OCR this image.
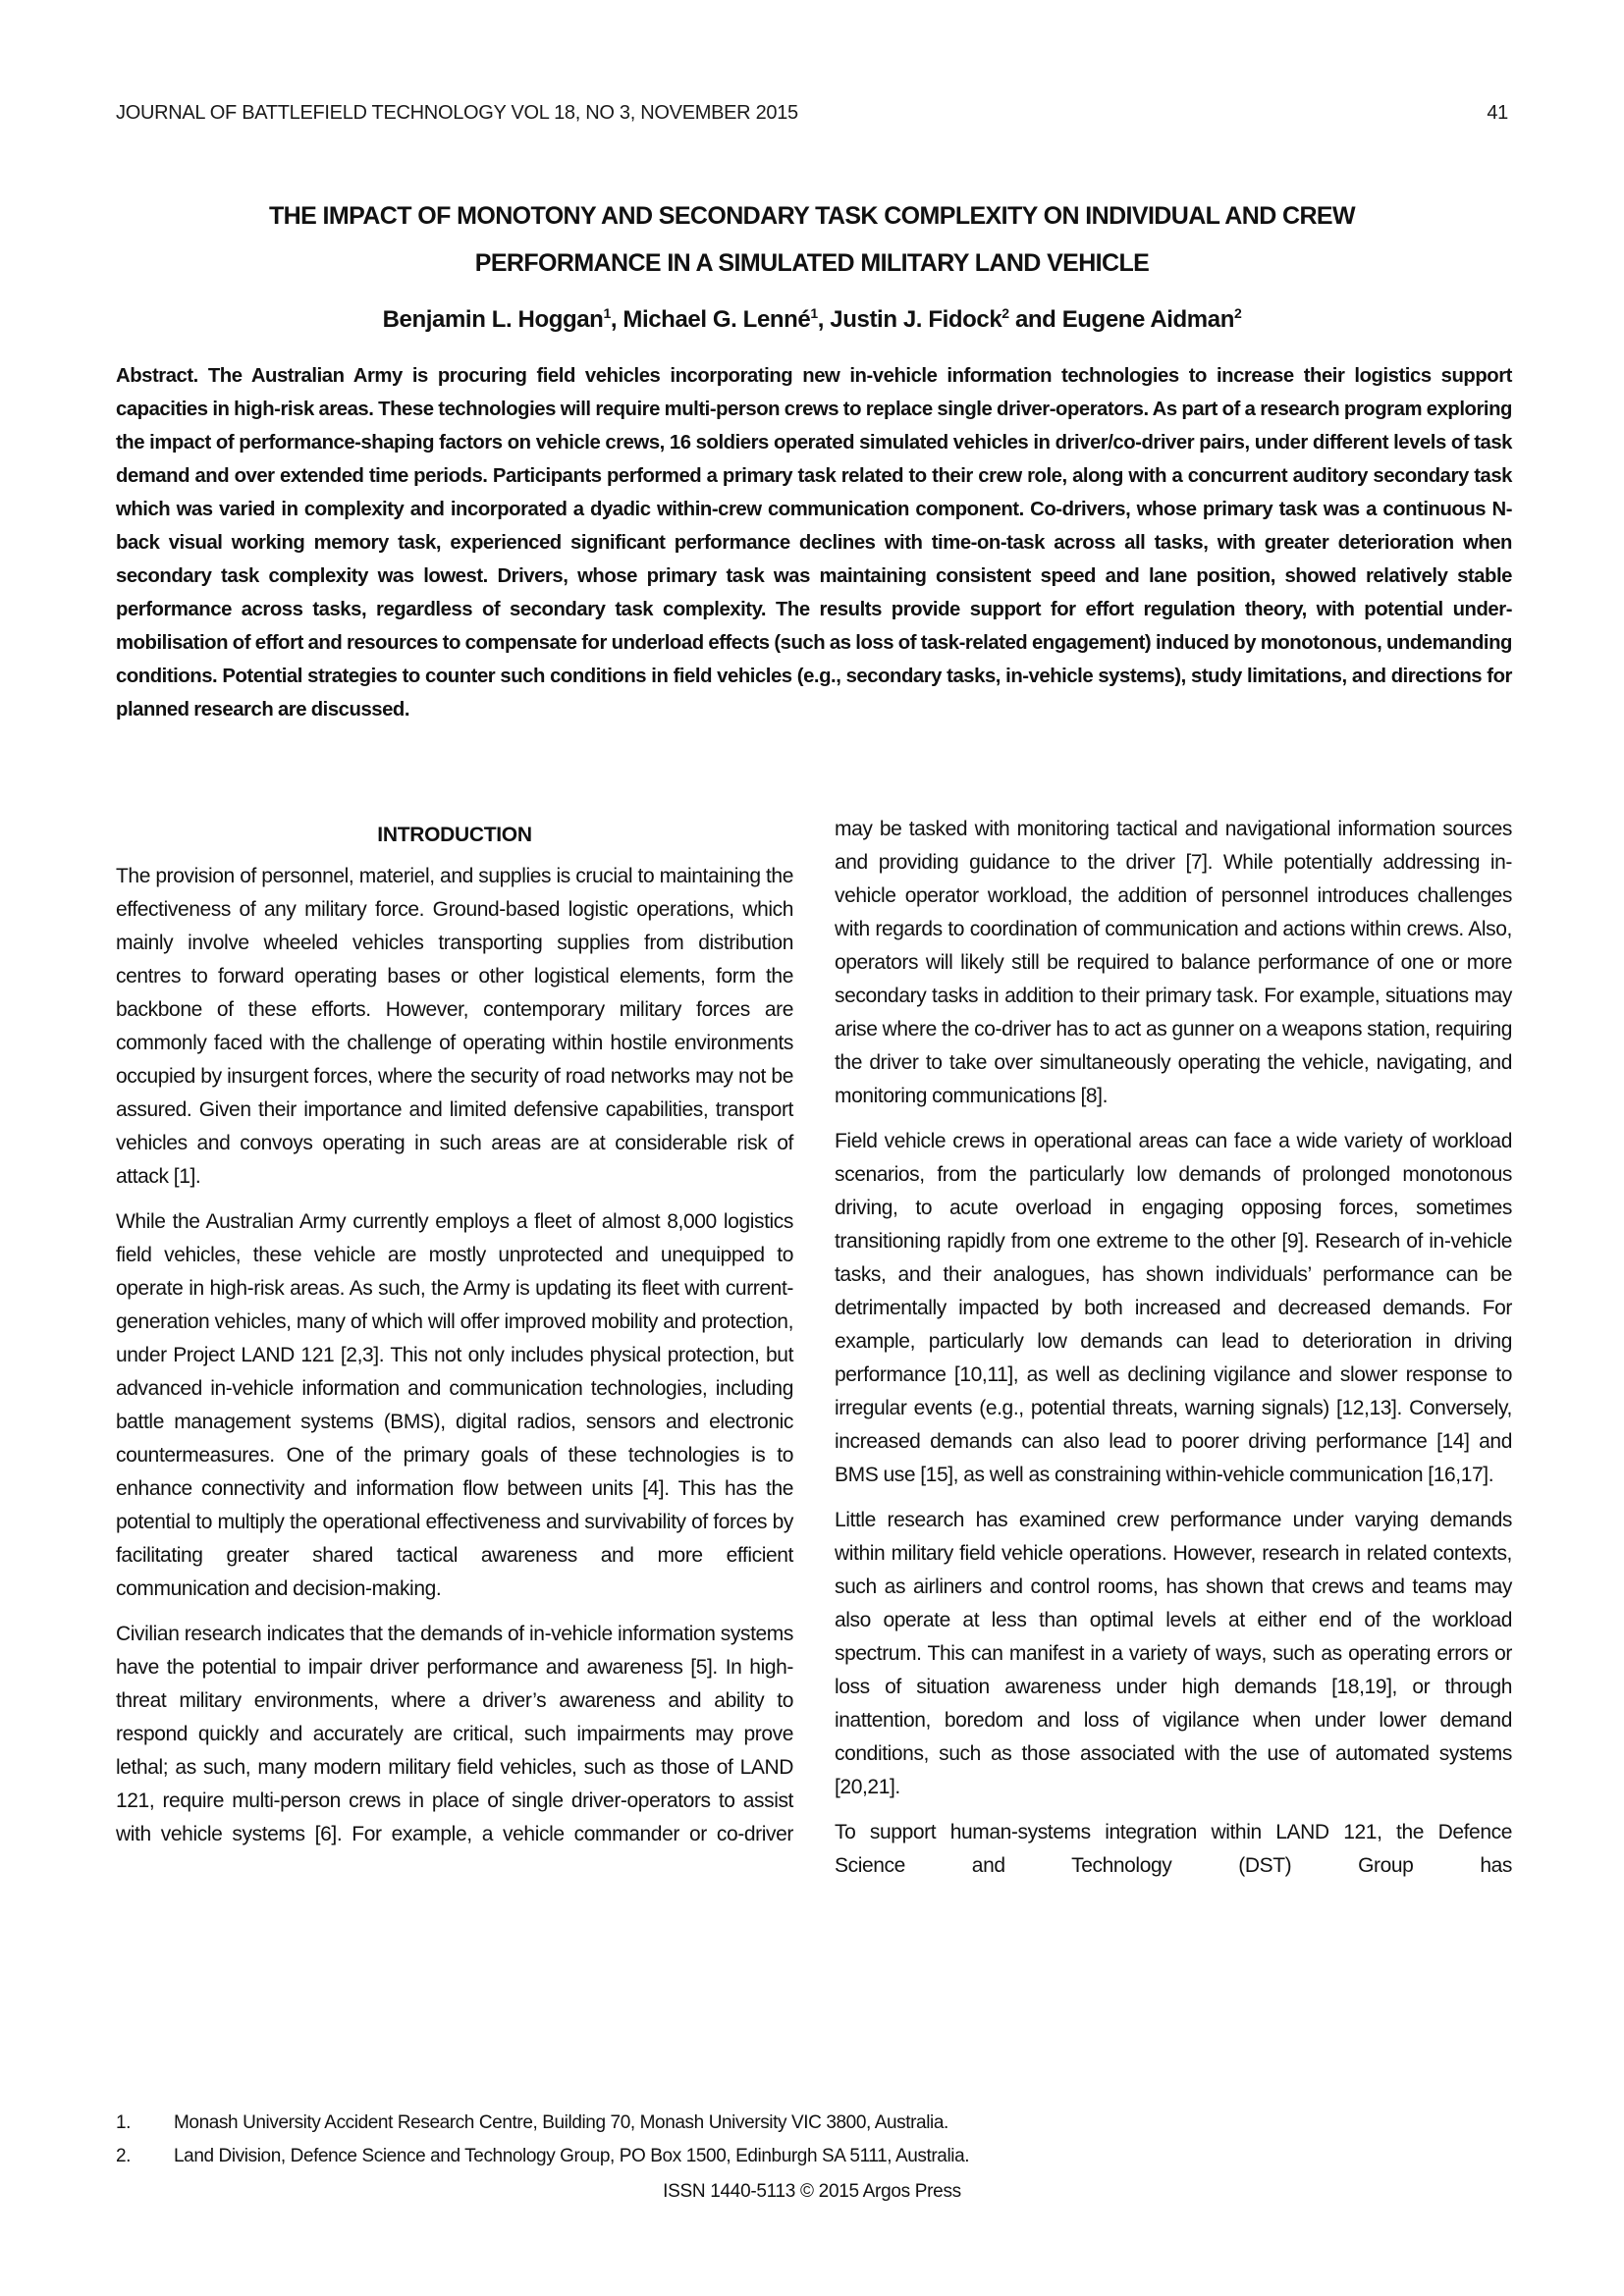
JOURNAL OF BATTLEFIELD TECHNOLOGY VOL 18, NO 3, NOVEMBER 2015	41
THE IMPACT OF MONOTONY AND SECONDARY TASK COMPLEXITY ON INDIVIDUAL AND CREW
PERFORMANCE IN A SIMULATED MILITARY LAND VEHICLE
Benjamin L. Hoggan$^1$, Michael G. Lenné$^1$, Justin J. Fidock$^2$ and Eugene Aidman$^2$

Abstract. The Australian Army is procuring field vehicles incorporating new in-vehicle information technologies to increase their logistics support capacities in high-risk areas. These technologies will require multi-person crews to replace single driver-operators. As part of a research program exploring the impact of performance-shaping factors on vehicle crews, 16 soldiers operated simulated vehicles in driver/co-driver pairs, under different levels of task demand and over extended time periods. Participants performed a primary task related to their crew role, along with a concurrent auditory secondary task which was varied in complexity and incorporated a dyadic within-crew communication component. Co-drivers, whose primary task was a continuous N-back visual working memory task, experienced significant performance declines with time-on-task across all tasks, with greater deterioration when secondary task complexity was lowest. Drivers, whose primary task was maintaining consistent speed and lane position, showed relatively stable performance across tasks, regardless of secondary task complexity. The results provide support for effort regulation theory, with potential under-mobilisation of effort and resources to compensate for underload effects (such as loss of task-related engagement) induced by monotonous, undemanding conditions. Potential strategies to counter such conditions in field vehicles (e.g., secondary tasks, in-vehicle systems), study limitations, and directions for planned research are discussed.

INTRODUCTION

The provision of personnel, materiel, and supplies is crucial to maintaining the effectiveness of any military force. Ground-based logistic operations, which mainly involve wheeled vehicles transporting supplies from distribution centres to forward operating bases or other logistical elements, form the backbone of these efforts. However, contemporary military forces are commonly faced with the challenge of operating within hostile environments occupied by insurgent forces, where the security of road networks may not be assured. Given their importance and limited defensive capabilities, transport vehicles and convoys operating in such areas are at considerable risk of attack [1].

While the Australian Army currently employs a fleet of almost 8,000 logistics field vehicles, these vehicle are mostly unprotected and unequipped to operate in high-risk areas. As such, the Army is updating its fleet with current-generation vehicles, many of which will offer improved mobility and protection, under Project LAND 121 [2,3]. This not only includes physical protection, but advanced in-vehicle information and communication technologies, including battle management systems (BMS), digital radios, sensors and electronic countermeasures. One of the primary goals of these technologies is to enhance connectivity and information flow between units [4]. This has the potential to multiply the operational effectiveness and survivability of forces by facilitating greater shared tactical awareness and more efficient communication and decision-making.

Civilian research indicates that the demands of in-vehicle information systems have the potential to impair driver performance and awareness [5]. In high-threat military environments, where a driver’s awareness and ability to respond quickly and accurately are critical, such impairments may prove lethal; as such, many modern military field vehicles, such as those of LAND 121, require multi-person crews in place of single driver-operators to assist with vehicle systems [6]. For example, a vehicle commander or co-driver

may be tasked with monitoring tactical and navigational information sources and providing guidance to the driver [7]. While potentially addressing in-vehicle operator workload, the addition of personnel introduces challenges with regards to coordination of communication and actions within crews. Also, operators will likely still be required to balance performance of one or more secondary tasks in addition to their primary task. For example, situations may arise where the co-driver has to act as gunner on a weapons station, requiring the driver to take over simultaneously operating the vehicle, navigating, and monitoring communications [8].

Field vehicle crews in operational areas can face a wide variety of workload scenarios, from the particularly low demands of prolonged monotonous driving, to acute overload in engaging opposing forces, sometimes transitioning rapidly from one extreme to the other [9]. Research of in-vehicle tasks, and their analogues, has shown individuals’ performance can be detrimentally impacted by both increased and decreased demands. For example, particularly low demands can lead to deterioration in driving performance [10,11], as well as declining vigilance and slower response to irregular events (e.g., potential threats, warning signals) [12,13]. Conversely, increased demands can also lead to poorer driving performance [14] and BMS use [15], as well as constraining within-vehicle communication [16,17].

Little research has examined crew performance under varying demands within military field vehicle operations. However, research in related contexts, such as airliners and control rooms, has shown that crews and teams may also operate at less than optimal levels at either end of the workload spectrum. This can manifest in a variety of ways, such as operating errors or loss of situation awareness under high demands [18,19], or through inattention, boredom and loss of vigilance when under lower demand conditions, such as those associated with the use of automated systems [20,21].

To support human-systems integration within LAND 121, the Defence Science and Technology (DST) Group has

1.	Monash University Accident Research Centre, Building 70, Monash University VIC 3800, Australia.
2.	Land Division, Defence Science and Technology Group, PO Box 1500, Edinburgh SA 5111, Australia.
ISSN 1440-5113 © 2015 Argos Press
